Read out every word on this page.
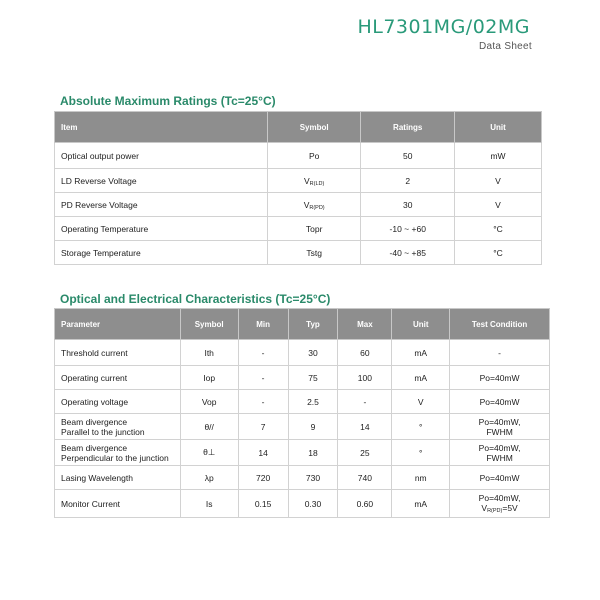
HL7301MG/02MG
Data Sheet
Absolute Maximum Ratings (Tc=25°C)
Item	Symbol	Ratings	Unit
Optical output power	Po	50	mW
LD Reverse Voltage	$V_{R(LD)}$	2	V
PD Reverse Voltage	$V_{R(PD)}$	30	V
Operating Temperature	Topr	-10 ~ +60	°C
Storage Temperature	Tstg	-40 ~ +85	°C
Optical and Electrical Characteristics (Tc=25°C)
Parameter	Symbol	Min	Typ	Max	Unit	Test Condition
Threshold current	Ith	-	30	60	mA	-
Operating current	Iop	-	75	100	mA	Po=40mW
Operating voltage	Vop	-	2.5	-	V	Po=40mW
Beam divergence
Parallel to the junction	θ//	7	9	14	°	Po=40mW,
FWHM
Beam divergence
Perpendicular to the junction	θ⊥	14	18	25	°	Po=40mW,
FWHM
Lasing Wavelength	λp	720	730	740	nm	Po=40mW
Monitor Current	Is	0.15	0.30	0.60	mA	Po=40mW,
$V_{R(PD)}=5V$
